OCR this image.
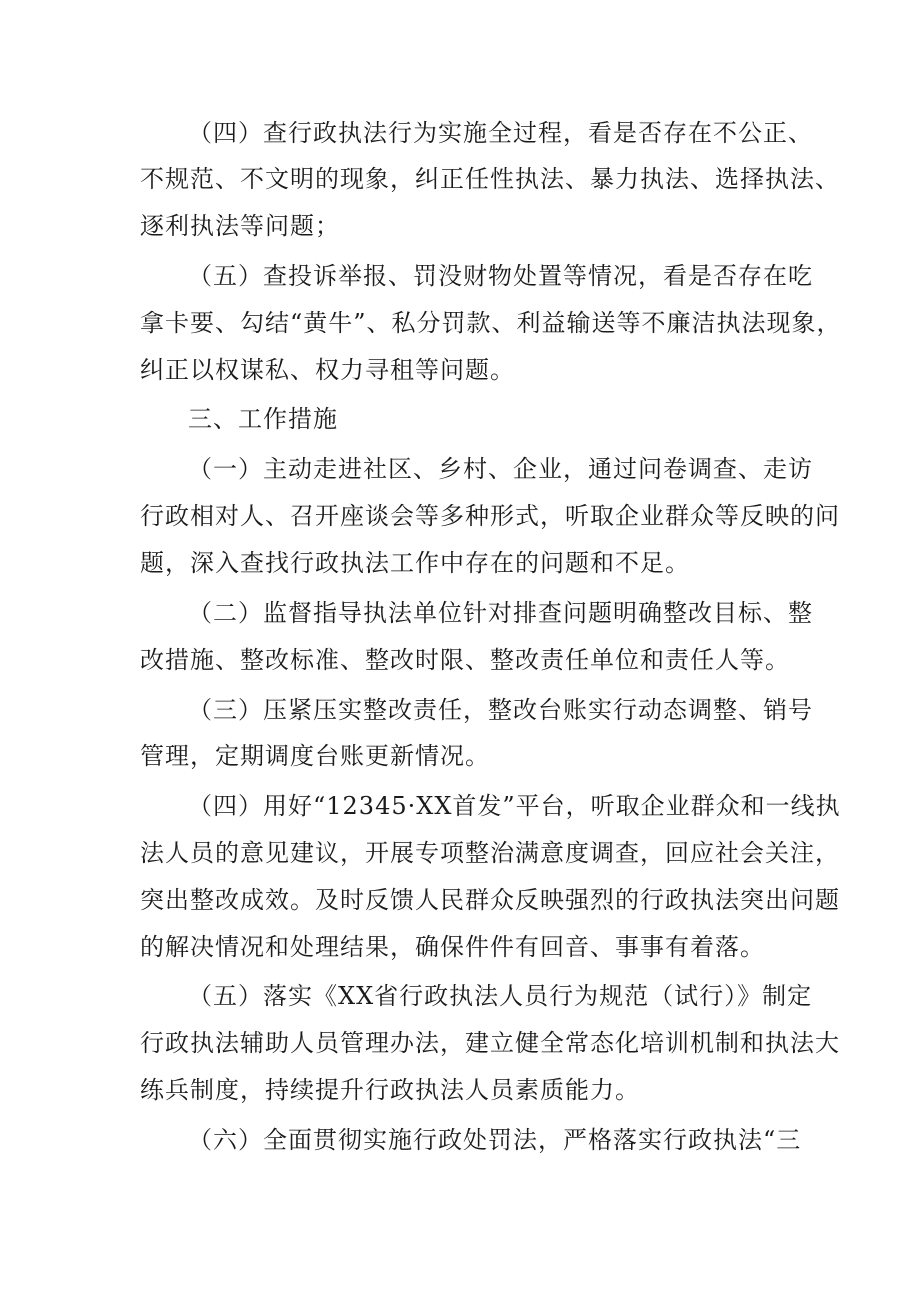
（四）查行政执法行为实施全过程，看是否存在不公正、
不规范、不文明的现象，纠正任性执法、暴力执法、选择执法、
逐利执法等问题；
（五）查投诉举报、罚没财物处置等情况，看是否存在吃
拿卡要、勾结“黄牛”、私分罚款、利益输送等不廉洁执法现象，
纠正以权谋私、权力寻租等问题。
三、工作措施
（一）主动走进社区、乡村、企业，通过问卷调查、走访
行政相对人、召开座谈会等多种形式，听取企业群众等反映的问
题，深入查找行政执法工作中存在的问题和不足。
（二）监督指导执法单位针对排查问题明确整改目标、整
改措施、整改标准、整改时限、整改责任单位和责任人等。
（三）压紧压实整改责任，整改台账实行动态调整、销号
管理，定期调度台账更新情况。
（四）用好“12345·XX首发”平台，听取企业群众和一线执
法人员的意见建议，开展专项整治满意度调查，回应社会关注，
突出整改成效。及时反馈人民群众反映强烈的行政执法突出问题
的解决情况和处理结果，确保件件有回音、事事有着落。
（五）落实《XX省行政执法人员行为规范（试行）》制定
行政执法辅助人员管理办法，建立健全常态化培训机制和执法大
练兵制度，持续提升行政执法人员素质能力。
（六）全面贯彻实施行政处罚法，严格落实行政执法“三
